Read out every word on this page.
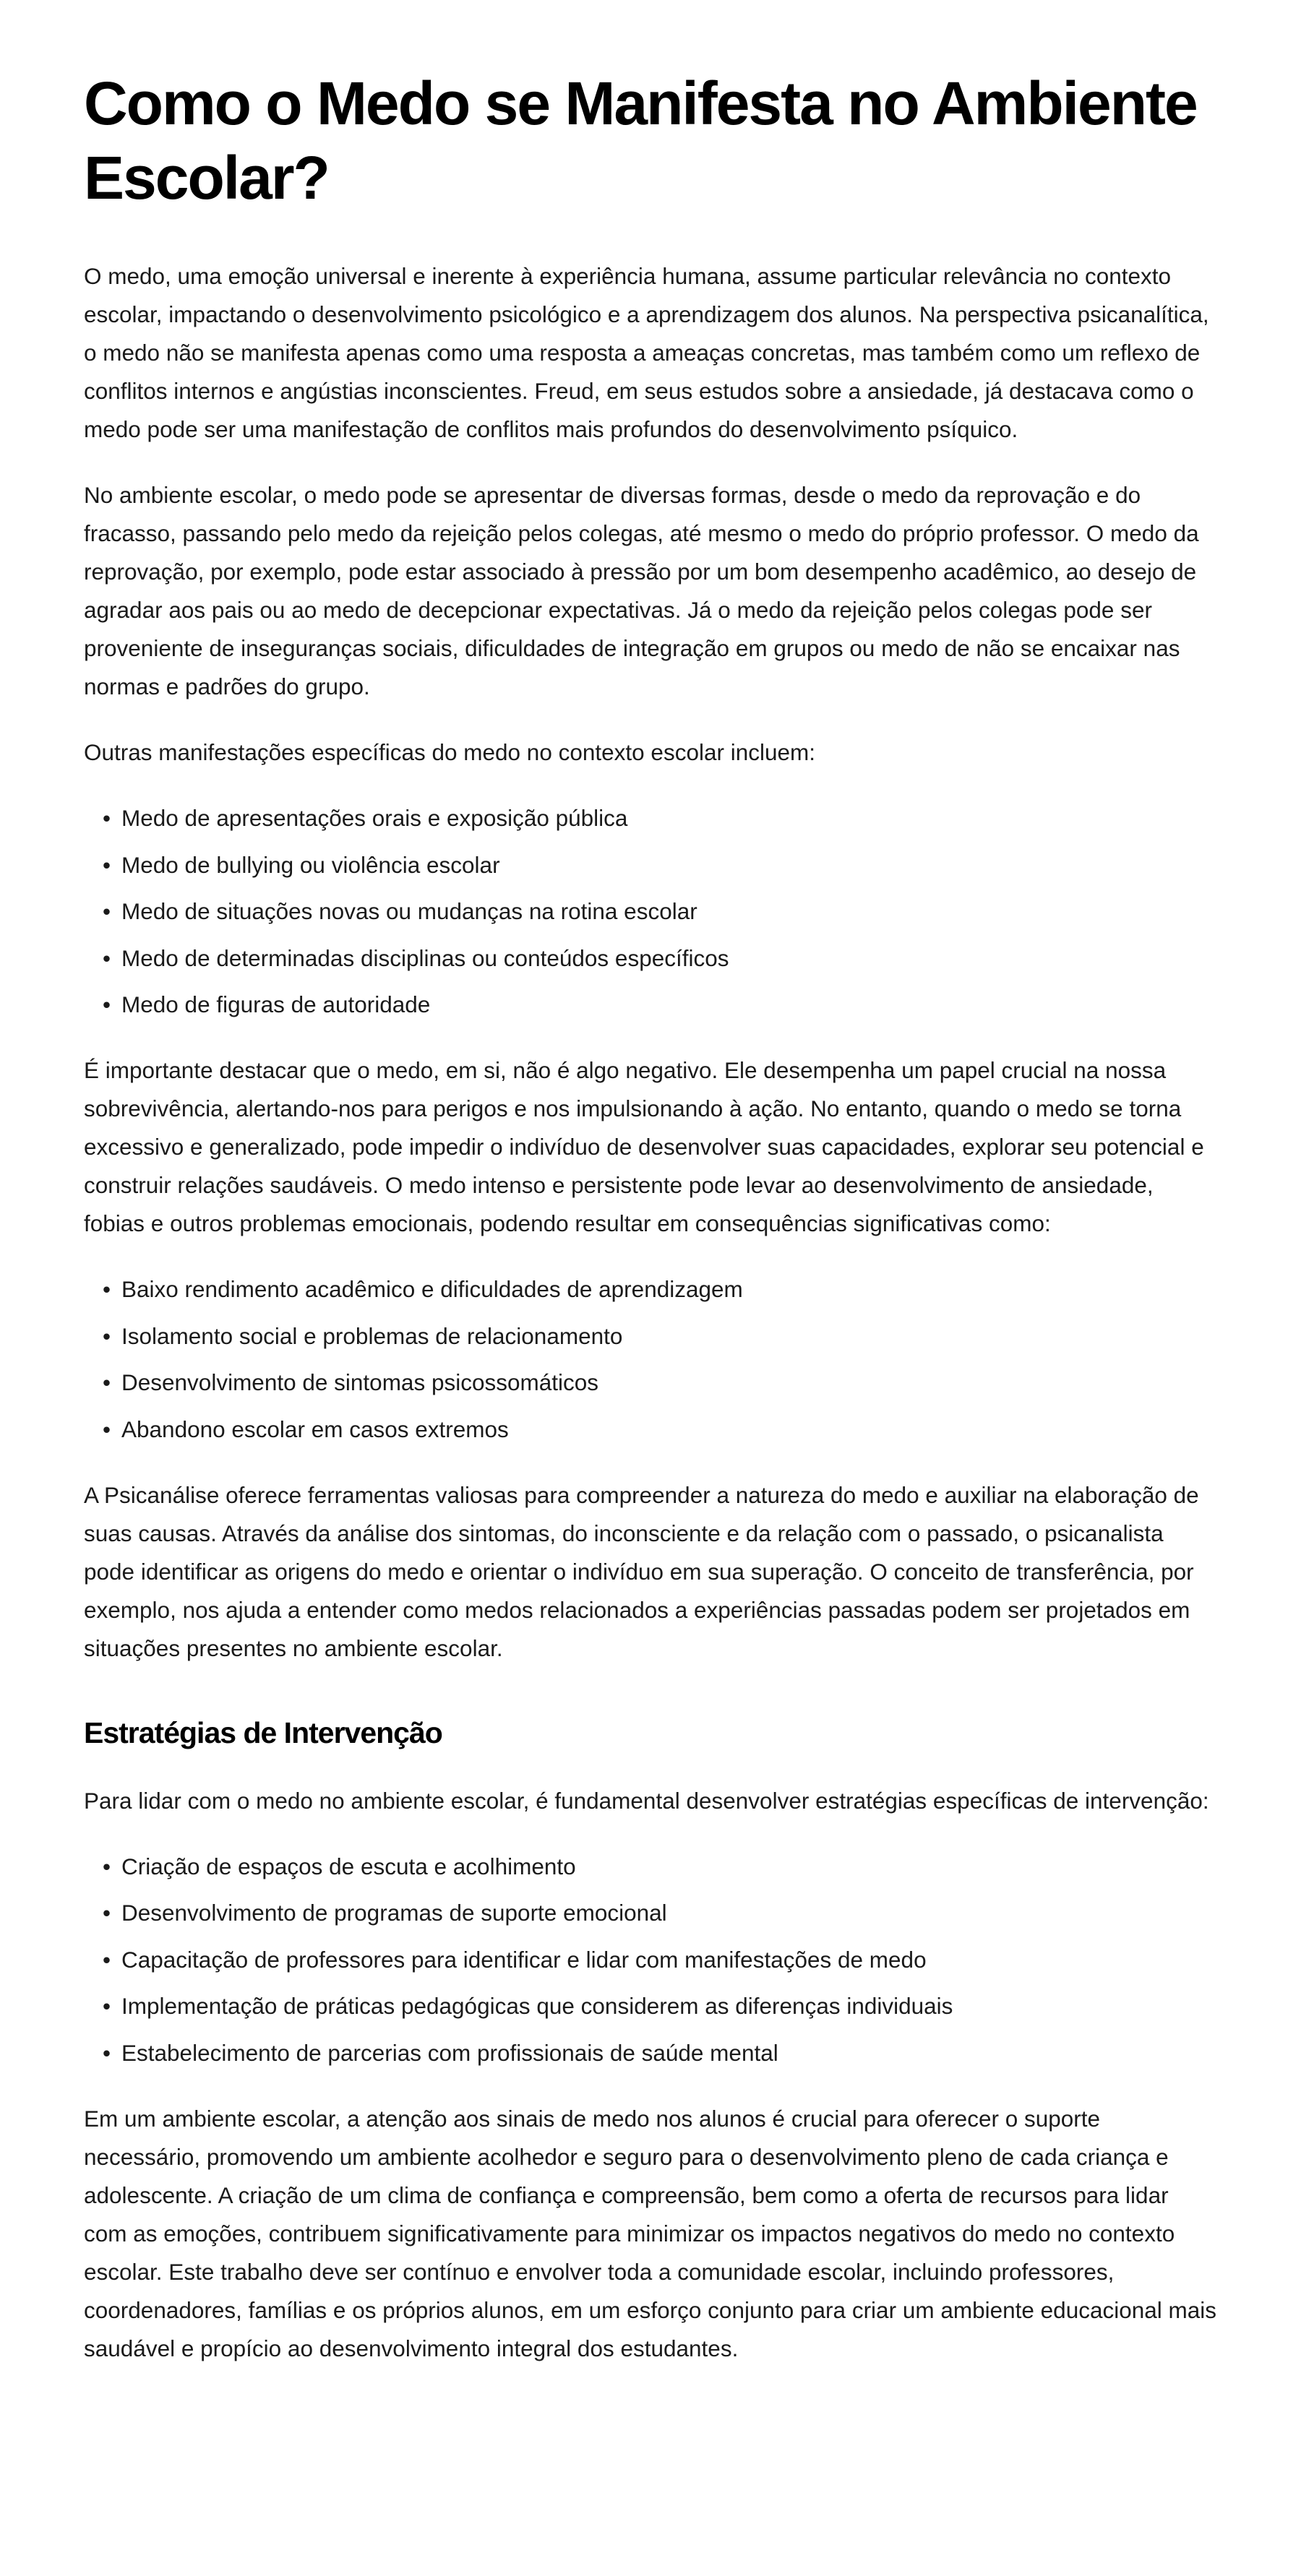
Como o Medo se Manifesta no Ambiente Escolar?

O medo, uma emoção universal e inerente à experiência humana, assume particular relevância no contexto escolar, impactando o desenvolvimento psicológico e a aprendizagem dos alunos. Na perspectiva psicanalítica, o medo não se manifesta apenas como uma resposta a ameaças concretas, mas também como um reflexo de conflitos internos e angústias inconscientes. Freud, em seus estudos sobre a ansiedade, já destacava como o medo pode ser uma manifestação de conflitos mais profundos do desenvolvimento psíquico.

No ambiente escolar, o medo pode se apresentar de diversas formas, desde o medo da reprovação e do fracasso, passando pelo medo da rejeição pelos colegas, até mesmo o medo do próprio professor. O medo da reprovação, por exemplo, pode estar associado à pressão por um bom desempenho acadêmico, ao desejo de agradar aos pais ou ao medo de decepcionar expectativas. Já o medo da rejeição pelos colegas pode ser proveniente de inseguranças sociais, dificuldades de integração em grupos ou medo de não se encaixar nas normas e padrões do grupo.

Outras manifestações específicas do medo no contexto escolar incluem:

• Medo de apresentações orais e exposição pública
• Medo de bullying ou violência escolar
• Medo de situações novas ou mudanças na rotina escolar
• Medo de determinadas disciplinas ou conteúdos específicos
• Medo de figuras de autoridade

É importante destacar que o medo, em si, não é algo negativo. Ele desempenha um papel crucial na nossa sobrevivência, alertando-nos para perigos e nos impulsionando à ação. No entanto, quando o medo se torna excessivo e generalizado, pode impedir o indivíduo de desenvolver suas capacidades, explorar seu potencial e construir relações saudáveis. O medo intenso e persistente pode levar ao desenvolvimento de ansiedade, fobias e outros problemas emocionais, podendo resultar em consequências significativas como:

• Baixo rendimento acadêmico e dificuldades de aprendizagem
• Isolamento social e problemas de relacionamento
• Desenvolvimento de sintomas psicossomáticos
• Abandono escolar em casos extremos

A Psicanálise oferece ferramentas valiosas para compreender a natureza do medo e auxiliar na elaboração de suas causas. Através da análise dos sintomas, do inconsciente e da relação com o passado, o psicanalista pode identificar as origens do medo e orientar o indivíduo em sua superação. O conceito de transferência, por exemplo, nos ajuda a entender como medos relacionados a experiências passadas podem ser projetados em situações presentes no ambiente escolar.

Estratégias de Intervenção

Para lidar com o medo no ambiente escolar, é fundamental desenvolver estratégias específicas de intervenção:

• Criação de espaços de escuta e acolhimento
• Desenvolvimento de programas de suporte emocional
• Capacitação de professores para identificar e lidar com manifestações de medo
• Implementação de práticas pedagógicas que considerem as diferenças individuais
• Estabelecimento de parcerias com profissionais de saúde mental

Em um ambiente escolar, a atenção aos sinais de medo nos alunos é crucial para oferecer o suporte necessário, promovendo um ambiente acolhedor e seguro para o desenvolvimento pleno de cada criança e adolescente. A criação de um clima de confiança e compreensão, bem como a oferta de recursos para lidar com as emoções, contribuem significativamente para minimizar os impactos negativos do medo no contexto escolar. Este trabalho deve ser contínuo e envolver toda a comunidade escolar, incluindo professores, coordenadores, famílias e os próprios alunos, em um esforço conjunto para criar um ambiente educacional mais saudável e propício ao desenvolvimento integral dos estudantes.
